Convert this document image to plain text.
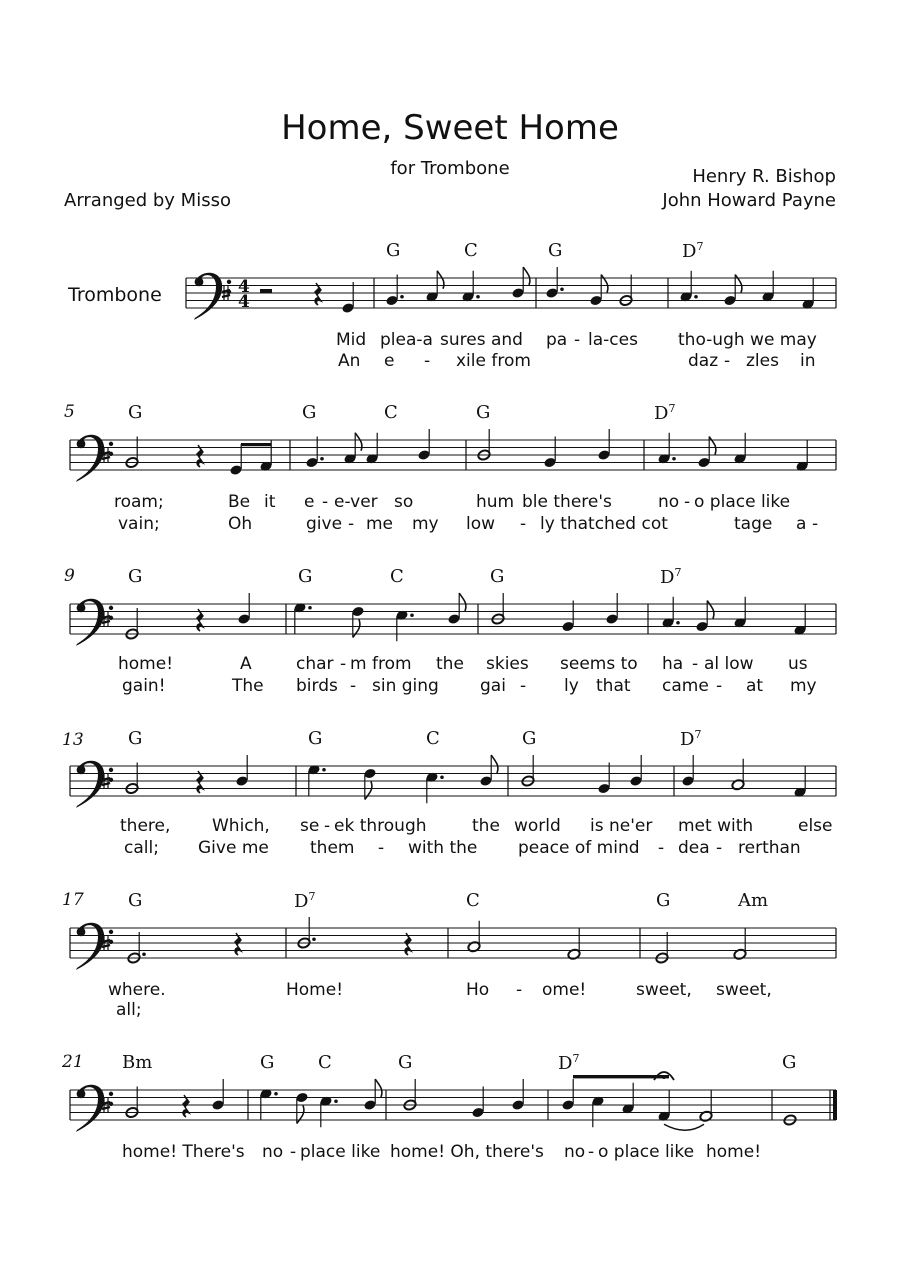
Home, Sweet Home
for Trombone	Henry R. Bishop
John Howard Payne
Arranged by Misso
Trombone
5
9
13
17
21
G	C	G	$D^7$
G	G	C	G	$D^7$
G	G	C	G	$D^7$
G	G	C	G	$D^7$
G	$D^7$	C	G	Am
Bm	G C	G	$D^7$	G
Mid plea-a sures and pa - la-ces tho-ugh we may
An e - xile from	daz - zles in
roam;	Be it e - e-ver so	hum ble there's	no - o place like
vain;	Oh	give - me my low - ly thatched cot	tage a -
home!	A	char - m from the skies seems to ha - al low us
gain!	The birds - sin ging gai - ly that came - at my
there, Which, se - ek through	the world is ne'er met with	else
call; Give me them - with the peace of mind - dea - rerthan
where.	Home!	Ho - ome!	sweet, sweet,
all;
home! There's no - place like home! Oh, there's no - o place like home!
4
4
